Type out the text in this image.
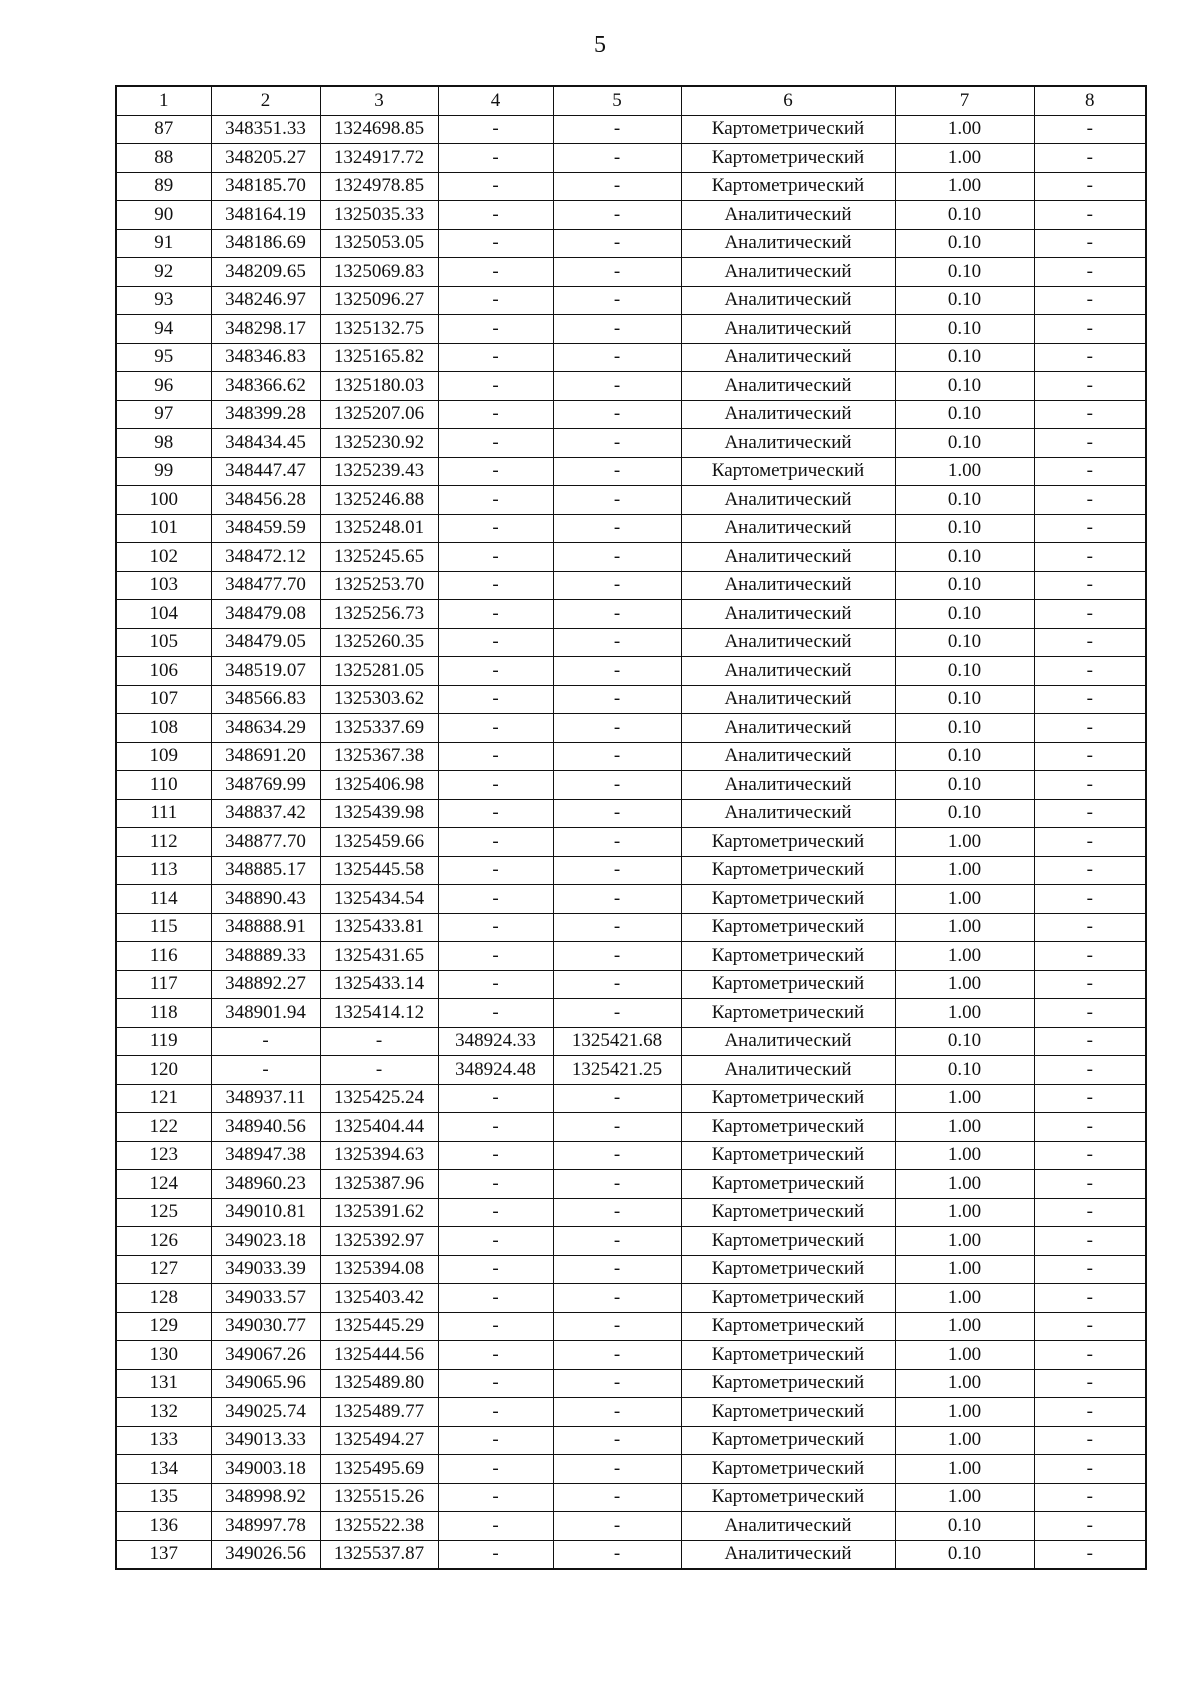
5
1	2	3	4	5	6	7	8
87	348351.33	1324698.85	-	-	Картометрический	1.00	-
88	348205.27	1324917.72	-	-	Картометрический	1.00	-
89	348185.70	1324978.85	-	-	Картометрический	1.00	-
90	348164.19	1325035.33	-	-	Аналитический	0.10	-
91	348186.69	1325053.05	-	-	Аналитический	0.10	-
92	348209.65	1325069.83	-	-	Аналитический	0.10	-
93	348246.97	1325096.27	-	-	Аналитический	0.10	-
94	348298.17	1325132.75	-	-	Аналитический	0.10	-
95	348346.83	1325165.82	-	-	Аналитический	0.10	-
96	348366.62	1325180.03	-	-	Аналитический	0.10	-
97	348399.28	1325207.06	-	-	Аналитический	0.10	-
98	348434.45	1325230.92	-	-	Аналитический	0.10	-
99	348447.47	1325239.43	-	-	Картометрический	1.00	-
100	348456.28	1325246.88	-	-	Аналитический	0.10	-
101	348459.59	1325248.01	-	-	Аналитический	0.10	-
102	348472.12	1325245.65	-	-	Аналитический	0.10	-
103	348477.70	1325253.70	-	-	Аналитический	0.10	-
104	348479.08	1325256.73	-	-	Аналитический	0.10	-
105	348479.05	1325260.35	-	-	Аналитический	0.10	-
106	348519.07	1325281.05	-	-	Аналитический	0.10	-
107	348566.83	1325303.62	-	-	Аналитический	0.10	-
108	348634.29	1325337.69	-	-	Аналитический	0.10	-
109	348691.20	1325367.38	-	-	Аналитический	0.10	-
110	348769.99	1325406.98	-	-	Аналитический	0.10	-
111	348837.42	1325439.98	-	-	Аналитический	0.10	-
112	348877.70	1325459.66	-	-	Картометрический	1.00	-
113	348885.17	1325445.58	-	-	Картометрический	1.00	-
114	348890.43	1325434.54	-	-	Картометрический	1.00	-
115	348888.91	1325433.81	-	-	Картометрический	1.00	-
116	348889.33	1325431.65	-	-	Картометрический	1.00	-
117	348892.27	1325433.14	-	-	Картометрический	1.00	-
118	348901.94	1325414.12	-	-	Картометрический	1.00	-
119	-	-	348924.33	1325421.68	Аналитический	0.10	-
120	-	-	348924.48	1325421.25	Аналитический	0.10	-
121	348937.11	1325425.24	-	-	Картометрический	1.00	-
122	348940.56	1325404.44	-	-	Картометрический	1.00	-
123	348947.38	1325394.63	-	-	Картометрический	1.00	-
124	348960.23	1325387.96	-	-	Картометрический	1.00	-
125	349010.81	1325391.62	-	-	Картометрический	1.00	-
126	349023.18	1325392.97	-	-	Картометрический	1.00	-
127	349033.39	1325394.08	-	-	Картометрический	1.00	-
128	349033.57	1325403.42	-	-	Картометрический	1.00	-
129	349030.77	1325445.29	-	-	Картометрический	1.00	-
130	349067.26	1325444.56	-	-	Картометрический	1.00	-
131	349065.96	1325489.80	-	-	Картометрический	1.00	-
132	349025.74	1325489.77	-	-	Картометрический	1.00	-
133	349013.33	1325494.27	-	-	Картометрический	1.00	-
134	349003.18	1325495.69	-	-	Картометрический	1.00	-
135	348998.92	1325515.26	-	-	Картометрический	1.00	-
136	348997.78	1325522.38	-	-	Аналитический	0.10	-
137	349026.56	1325537.87	-	-	Аналитический	0.10	-
